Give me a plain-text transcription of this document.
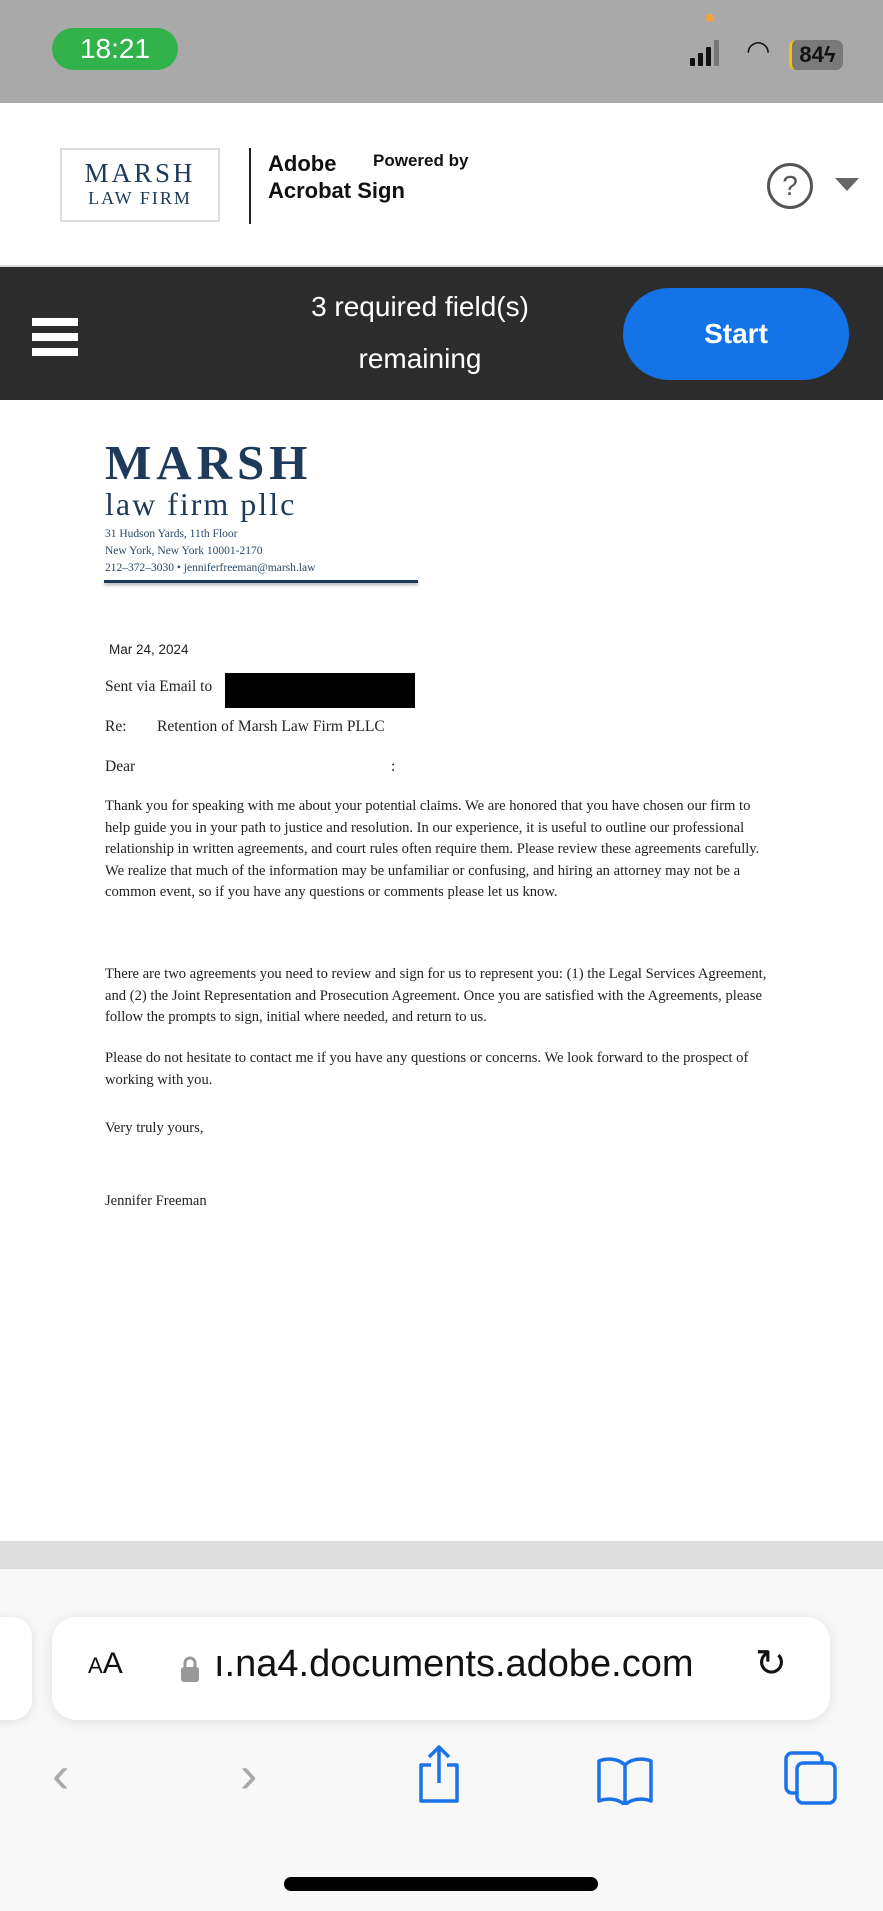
18:21	◠	84ϟ
MARSH
LAW FIRM
Powered by
Adobe
Acrobat Sign	?
3 required field(s)
remaining
Start
MARSH
law firm pllc
31 Hudson Yards, 11th Floor
New York, New York 10001-2170
212–372–3030 • jenniferfreeman@marsh.law
Mar 24, 2024
Sent via Email to
Re: Retention of Marsh Law Firm PLLC
Dear	:
Thank you for speaking with me about your potential claims. We are honored that you have chosen our firm to help guide you in your path to justice and resolution. In our experience, it is useful to outline our professional relationship in written agreements, and court rules often require them. Please review these agreements carefully. We realize that much of the information may be unfamiliar or confusing, and hiring an attorney may not be a common event, so if you have any questions or comments please let us know.
There are two agreements you need to review and sign for us to represent you: (1) the Legal Services Agreement, and (2) the Joint Representation and Prosecution Agreement. Once you are satisfied with the Agreements, please follow the prompts to sign, initial where needed, and return to us.
Please do not hesitate to contact me if you have any questions or concerns. We look forward to the prospect of working with you.
Very truly yours,
Jennifer Freeman
AA ı.na4.documents.adobe.com ↻
‹	›
